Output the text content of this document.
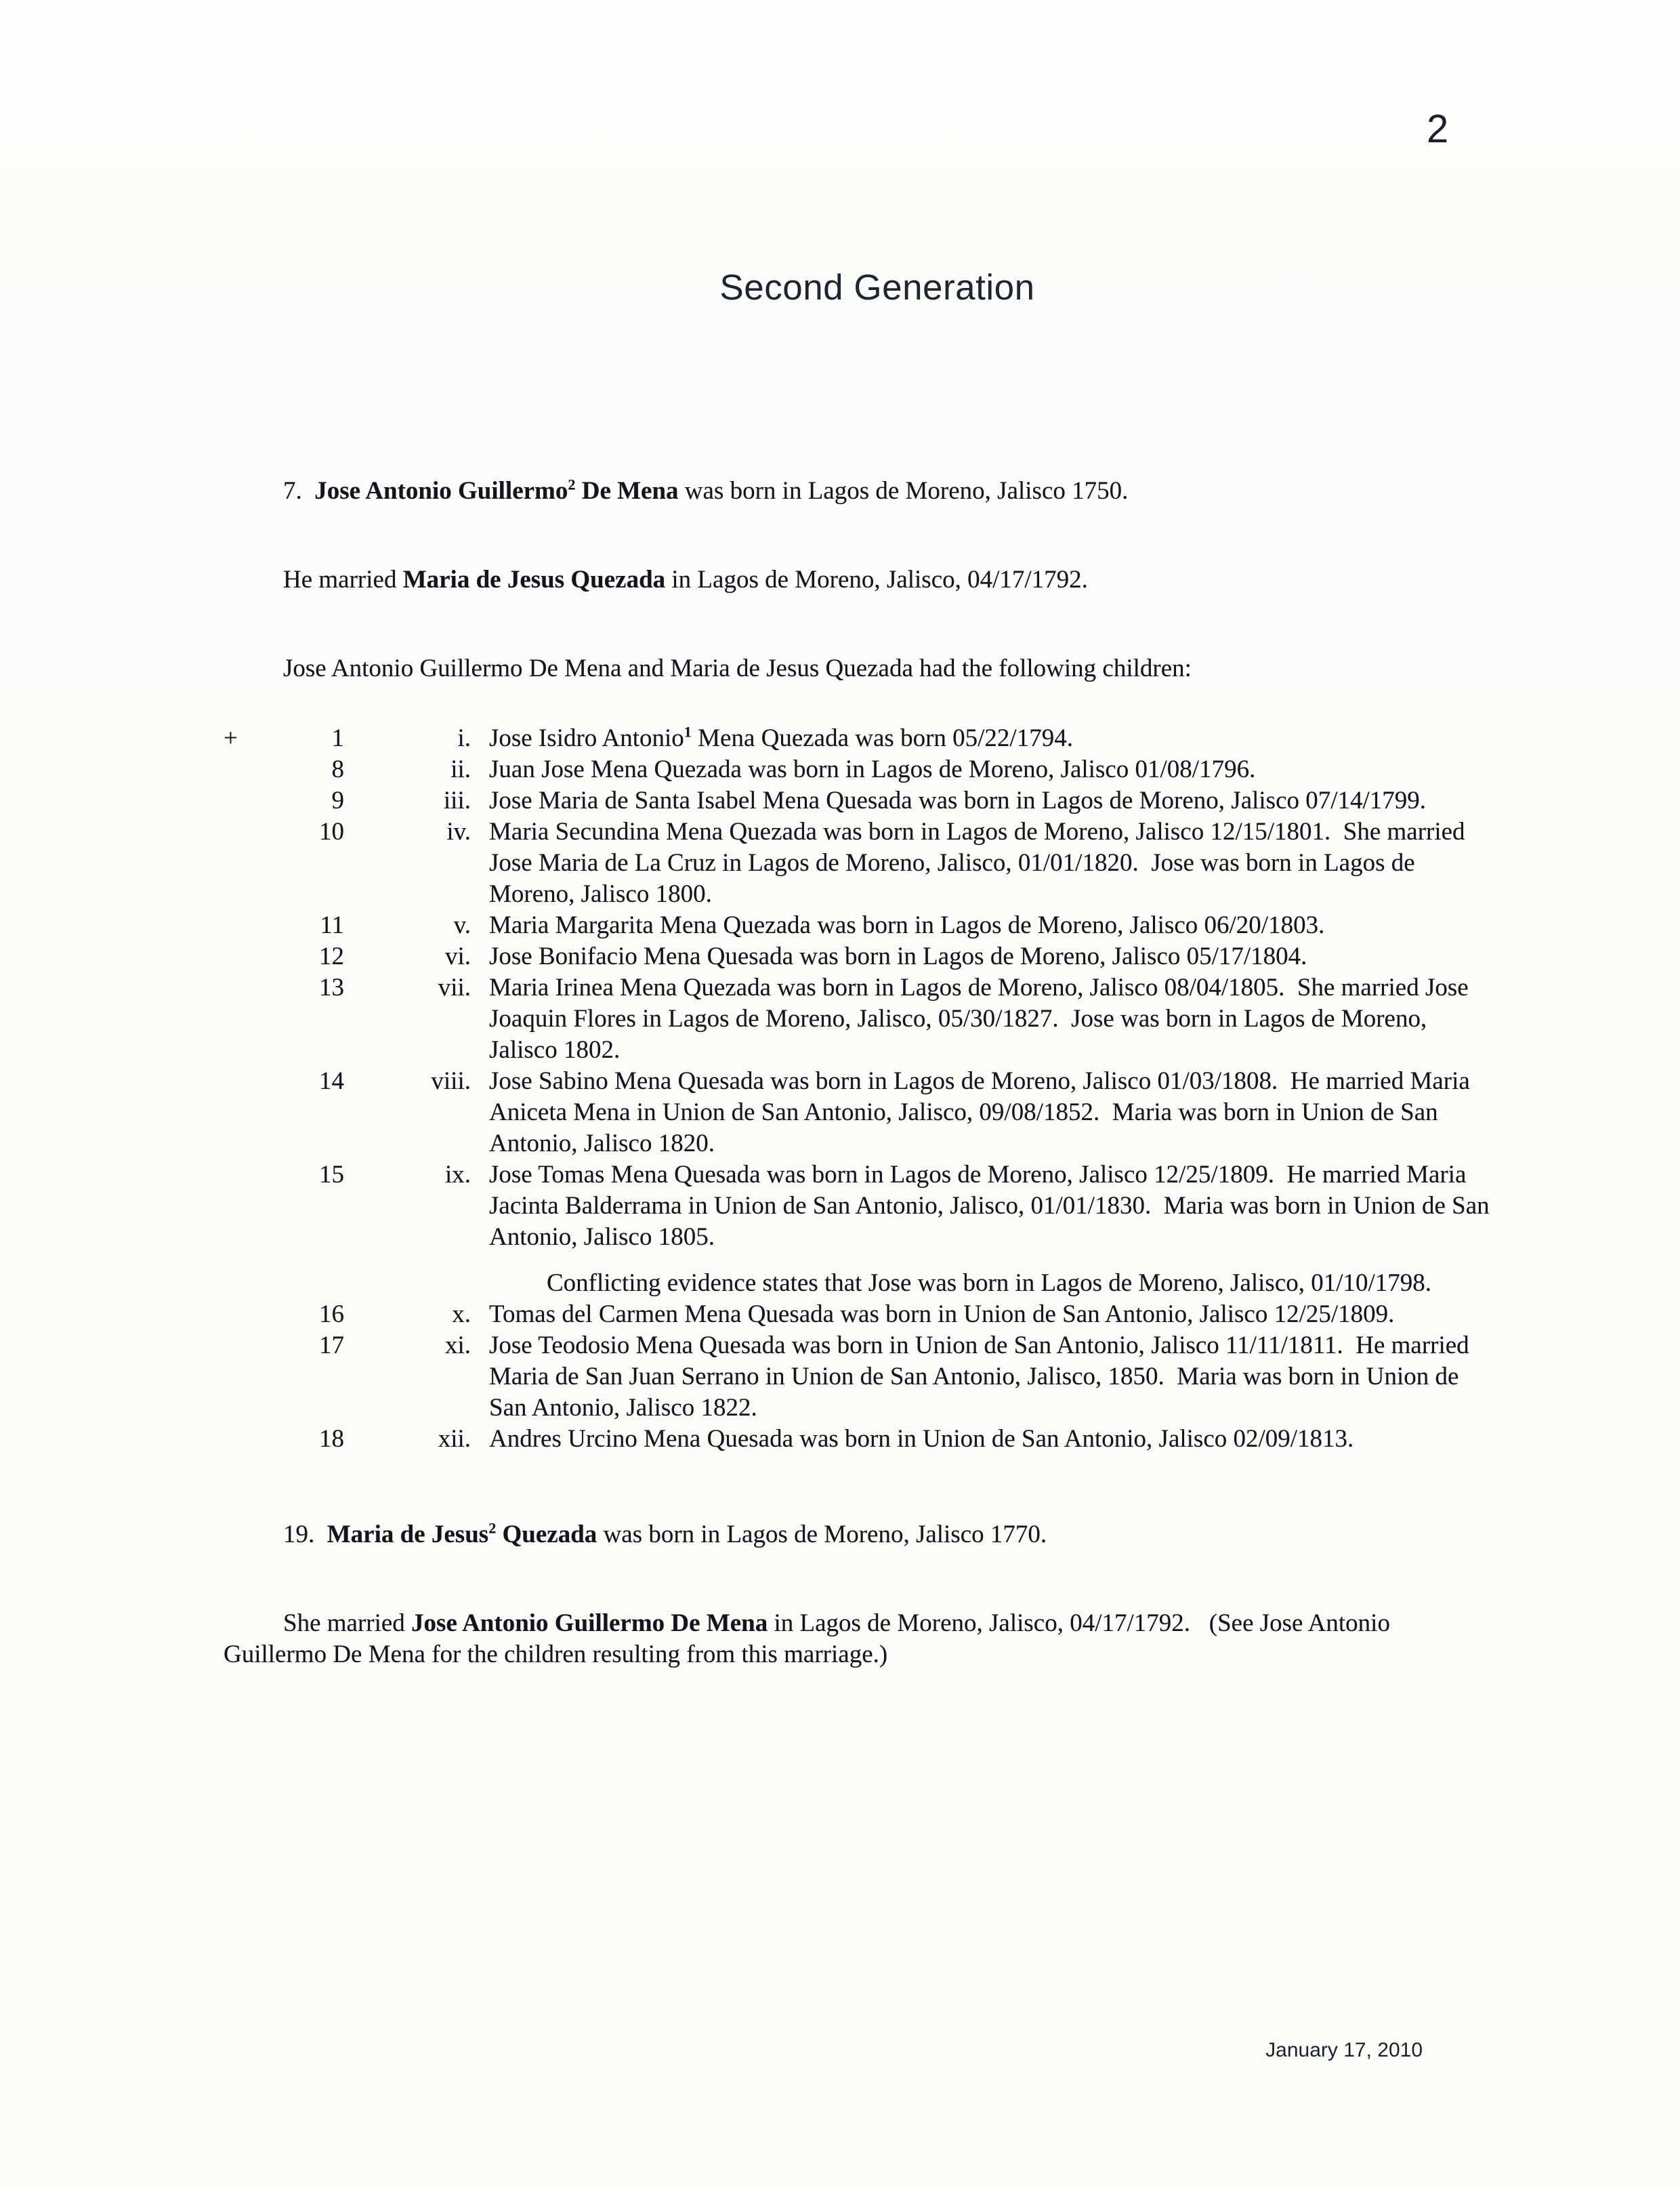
2
Second Generation

7.  Jose Antonio Guillermo$^2$ De Mena was born in Lagos de Moreno, Jalisco 1750.

He married Maria de Jesus Quezada in Lagos de Moreno, Jalisco, 04/17/1792.

Jose Antonio Guillermo De Mena and Maria de Jesus Quezada had the following children:

+	1	i. Jose Isidro Antonio$^1$ Mena Quezada was born 05/22/1794.
8	ii. Juan Jose Mena Quezada was born in Lagos de Moreno, Jalisco 01/08/1796.
9	iii. Jose Maria de Santa Isabel Mena Quesada was born in Lagos de Moreno, Jalisco 07/14/1799.
10	iv. Maria Secundina Mena Quezada was born in Lagos de Moreno, Jalisco 12/15/1801.  She married Jose Maria de La Cruz in Lagos de Moreno, Jalisco, 01/01/1820.  Jose was born in Lagos de Moreno, Jalisco 1800.
11	v. Maria Margarita Mena Quezada was born in Lagos de Moreno, Jalisco 06/20/1803.
12	vi. Jose Bonifacio Mena Quesada was born in Lagos de Moreno, Jalisco 05/17/1804.
13	vii. Maria Irinea Mena Quezada was born in Lagos de Moreno, Jalisco 08/04/1805.  She married Jose Joaquin Flores in Lagos de Moreno, Jalisco, 05/30/1827.  Jose was born in Lagos de Moreno, Jalisco 1802.
14	viii. Jose Sabino Mena Quesada was born in Lagos de Moreno, Jalisco 01/03/1808.  He married Maria Aniceta Mena in Union de San Antonio, Jalisco, 09/08/1852.  Maria was born in Union de San Antonio, Jalisco 1820.
15	ix. Jose Tomas Mena Quesada was born in Lagos de Moreno, Jalisco 12/25/1809.  He married Maria Jacinta Balderrama in Union de San Antonio, Jalisco, 01/01/1830.  Maria was born in Union de San Antonio, Jalisco 1805.
Conflicting evidence states that Jose was born in Lagos de Moreno, Jalisco, 01/10/1798.
16	x. Tomas del Carmen Mena Quesada was born in Union de San Antonio, Jalisco 12/25/1809.
17	xi. Jose Teodosio Mena Quesada was born in Union de San Antonio, Jalisco 11/11/1811.  He married Maria de San Juan Serrano in Union de San Antonio, Jalisco, 1850.  Maria was born in Union de San Antonio, Jalisco 1822.
18	xii. Andres Urcino Mena Quesada was born in Union de San Antonio, Jalisco 02/09/1813.

19.  Maria de Jesus$^2$ Quezada was born in Lagos de Moreno, Jalisco 1770.

She married Jose Antonio Guillermo De Mena in Lagos de Moreno, Jalisco, 04/17/1792.   (See Jose Antonio Guillermo De Mena for the children resulting from this marriage.)

January 17, 2010
